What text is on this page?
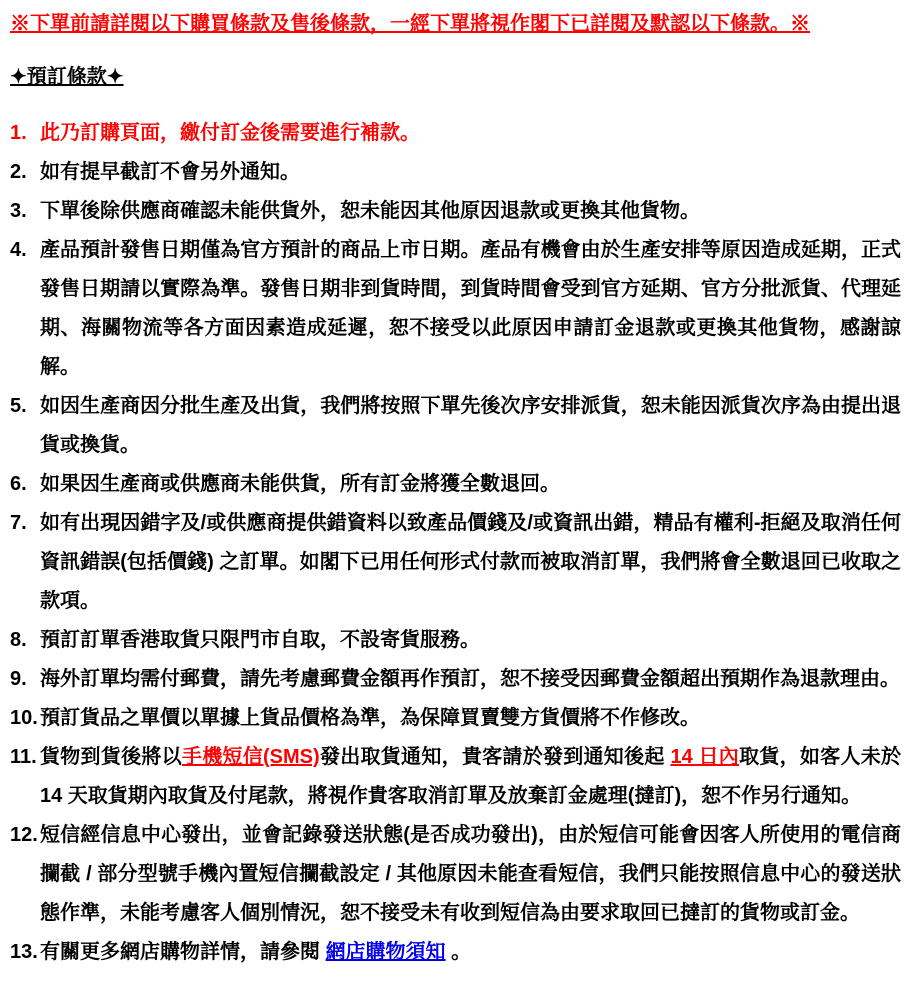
※下單前請詳閱以下購買條款及售後條款，一經下單將視作閣下已詳閱及默認以下條款。※
✦預訂條款✦
1. 此乃訂購頁面，繳付訂金後需要進行補款。
2. 如有提早截訂不會另外通知。
3. 下單後除供應商確認未能供貨外，恕未能因其他原因退款或更換其他貨物。
4. 產品預計發售日期僅為官方預計的商品上市日期。產品有機會由於生產安排等原因造成延期，正式發售日期請以實際為準。發售日期非到貨時間，到貨時間會受到官方延期、官方分批派貨、代理延期、海關物流等各方面因素造成延遲，恕不接受以此原因申請訂金退款或更換其他貨物，感謝諒解。
5. 如因生產商因分批生產及出貨，我們將按照下單先後次序安排派貨，恕未能因派貨次序為由提出退貨或換貨。
6. 如果因生產商或供應商未能供貨，所有訂金將獲全數退回。
7. 如有出現因錯字及/或供應商提供錯資料以致產品價錢及/或資訊出錯，精品有權利-拒絕及取消任何資訊錯誤(包括價錢) 之訂單。如閣下已用任何形式付款而被取消訂單，我們將會全數退回已收取之款項。
8. 預訂訂單香港取貨只限門市自取，不設寄貨服務。
9. 海外訂單均需付郵費，請先考慮郵費金額再作預訂，恕不接受因郵費金額超出預期作為退款理由。
10. 預訂貨品之單價以單據上貨品價格為準，為保障買賣雙方貨價將不作修改。
11. 貨物到貨後將以手機短信(SMS)發出取貨通知，貴客請於發到通知後起 14 日內取貨，如客人未於14 天取貨期內取貨及付尾款，將視作貴客取消訂單及放棄訂金處理(撻訂)，恕不作另行通知。
12. 短信經信息中心發出，並會記錄發送狀態(是否成功發出)，由於短信可能會因客人所使用的電信商攔截 / 部分型號手機內置短信攔截設定 / 其他原因未能查看短信，我們只能按照信息中心的發送狀態作準，未能考慮客人個別情況，恕不接受未有收到短信為由要求取回已撻訂的貨物或訂金。
13. 有關更多網店購物詳情，請參閱 網店購物須知 。
